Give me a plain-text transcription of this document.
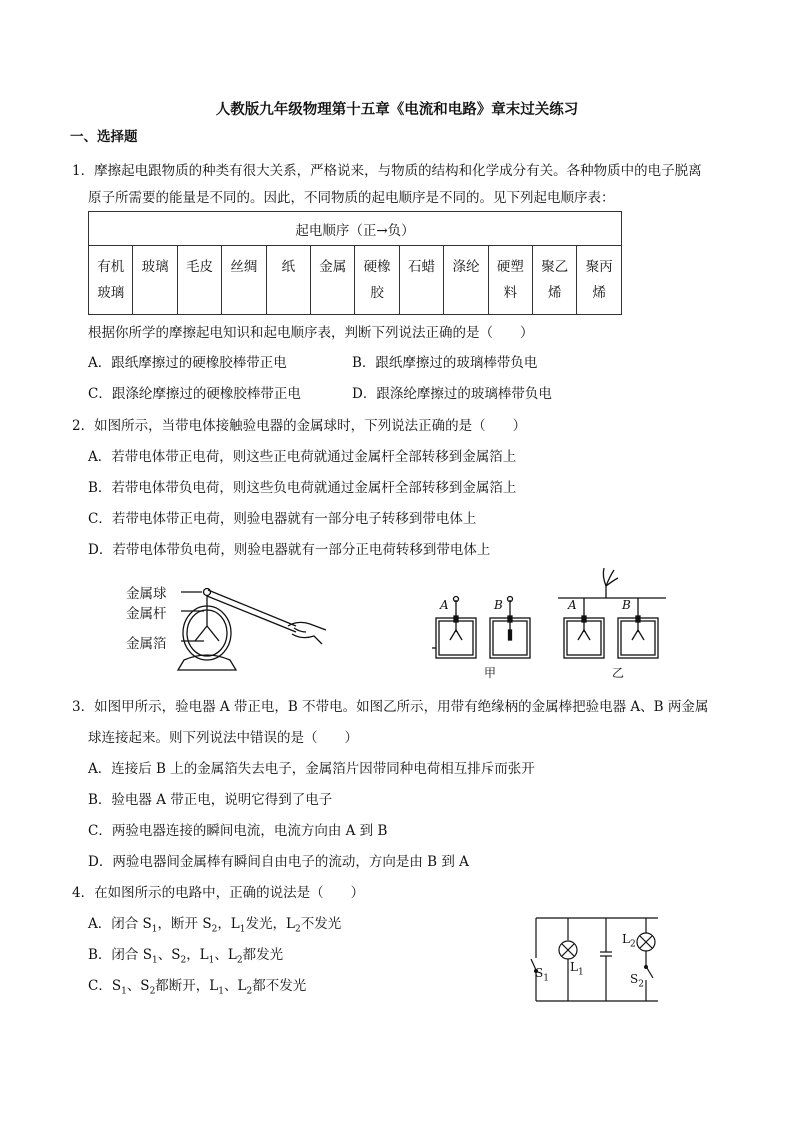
人教版九年级物理第十五章《电流和电路》章末过关练习
一、选择题
1．摩擦起电跟物质的种类有很大关系，严格说来，与物质的结构和化学成分有关。各种物质中的电子脱离
原子所需要的能量是不同的。因此，不同物质的起电顺序是不同的。见下列起电顺序表：
起电顺序（正→负）
有机
玻璃	玻璃	毛皮	丝绸	纸	金属	硬橡
胶	石蜡	涤纶	硬塑
料	聚乙
烯	聚丙
烯
根据你所学的摩擦起电知识和起电顺序表，判断下列说法正确的是（　　）
A．跟纸摩擦过的硬橡胶棒带正电	B．跟纸摩擦过的玻璃棒带负电
C．跟涤纶摩擦过的硬橡胶棒带正电	D．跟涤纶摩擦过的玻璃棒带负电
2．如图所示，当带电体接触验电器的金属球时，下列说法正确的是（　　）
A．若带电体带正电荷，则这些正电荷就通过金属杆全部转移到金属箔上
B．若带电体带负电荷，则这些负电荷就通过金属杆全部转移到金属箔上
C．若带电体带正电荷，则验电器就有一部分电子转移到带电体上
D．若带电体带负电荷，则验电器就有一部分正电荷转移到带电体上
金属球
金属杆
金属箔
A	B
甲
A	B
乙
3．如图甲所示，验电器 A 带正电，B 不带电。如图乙所示，用带有绝缘柄的金属棒把验电器 A、B 两金属
球连接起来。则下列说法中错误的是（　　）
A．连接后 B 上的金属箔失去电子，金属箔片因带同种电荷相互排斥而张开
B．验电器 A 带正电，说明它得到了电子
C．两验电器连接的瞬间电流，电流方向由 A 到 B
D．两验电器间金属棒有瞬间自由电子的流动，方向是由 B 到 A
4．在如图所示的电路中，正确的说法是（　　）
A．闭合 $S_1$，断开 $S_2$，$L_1$发光，$L_2$不发光
B．闭合 $S_1$、$S_2$，$L_1$、$L_2$都发光
C．$S_1$、$S_2$都断开，$L_1$、$L_2$都不发光
$S_1$
$L_1$
$L_2$
$S_2$
